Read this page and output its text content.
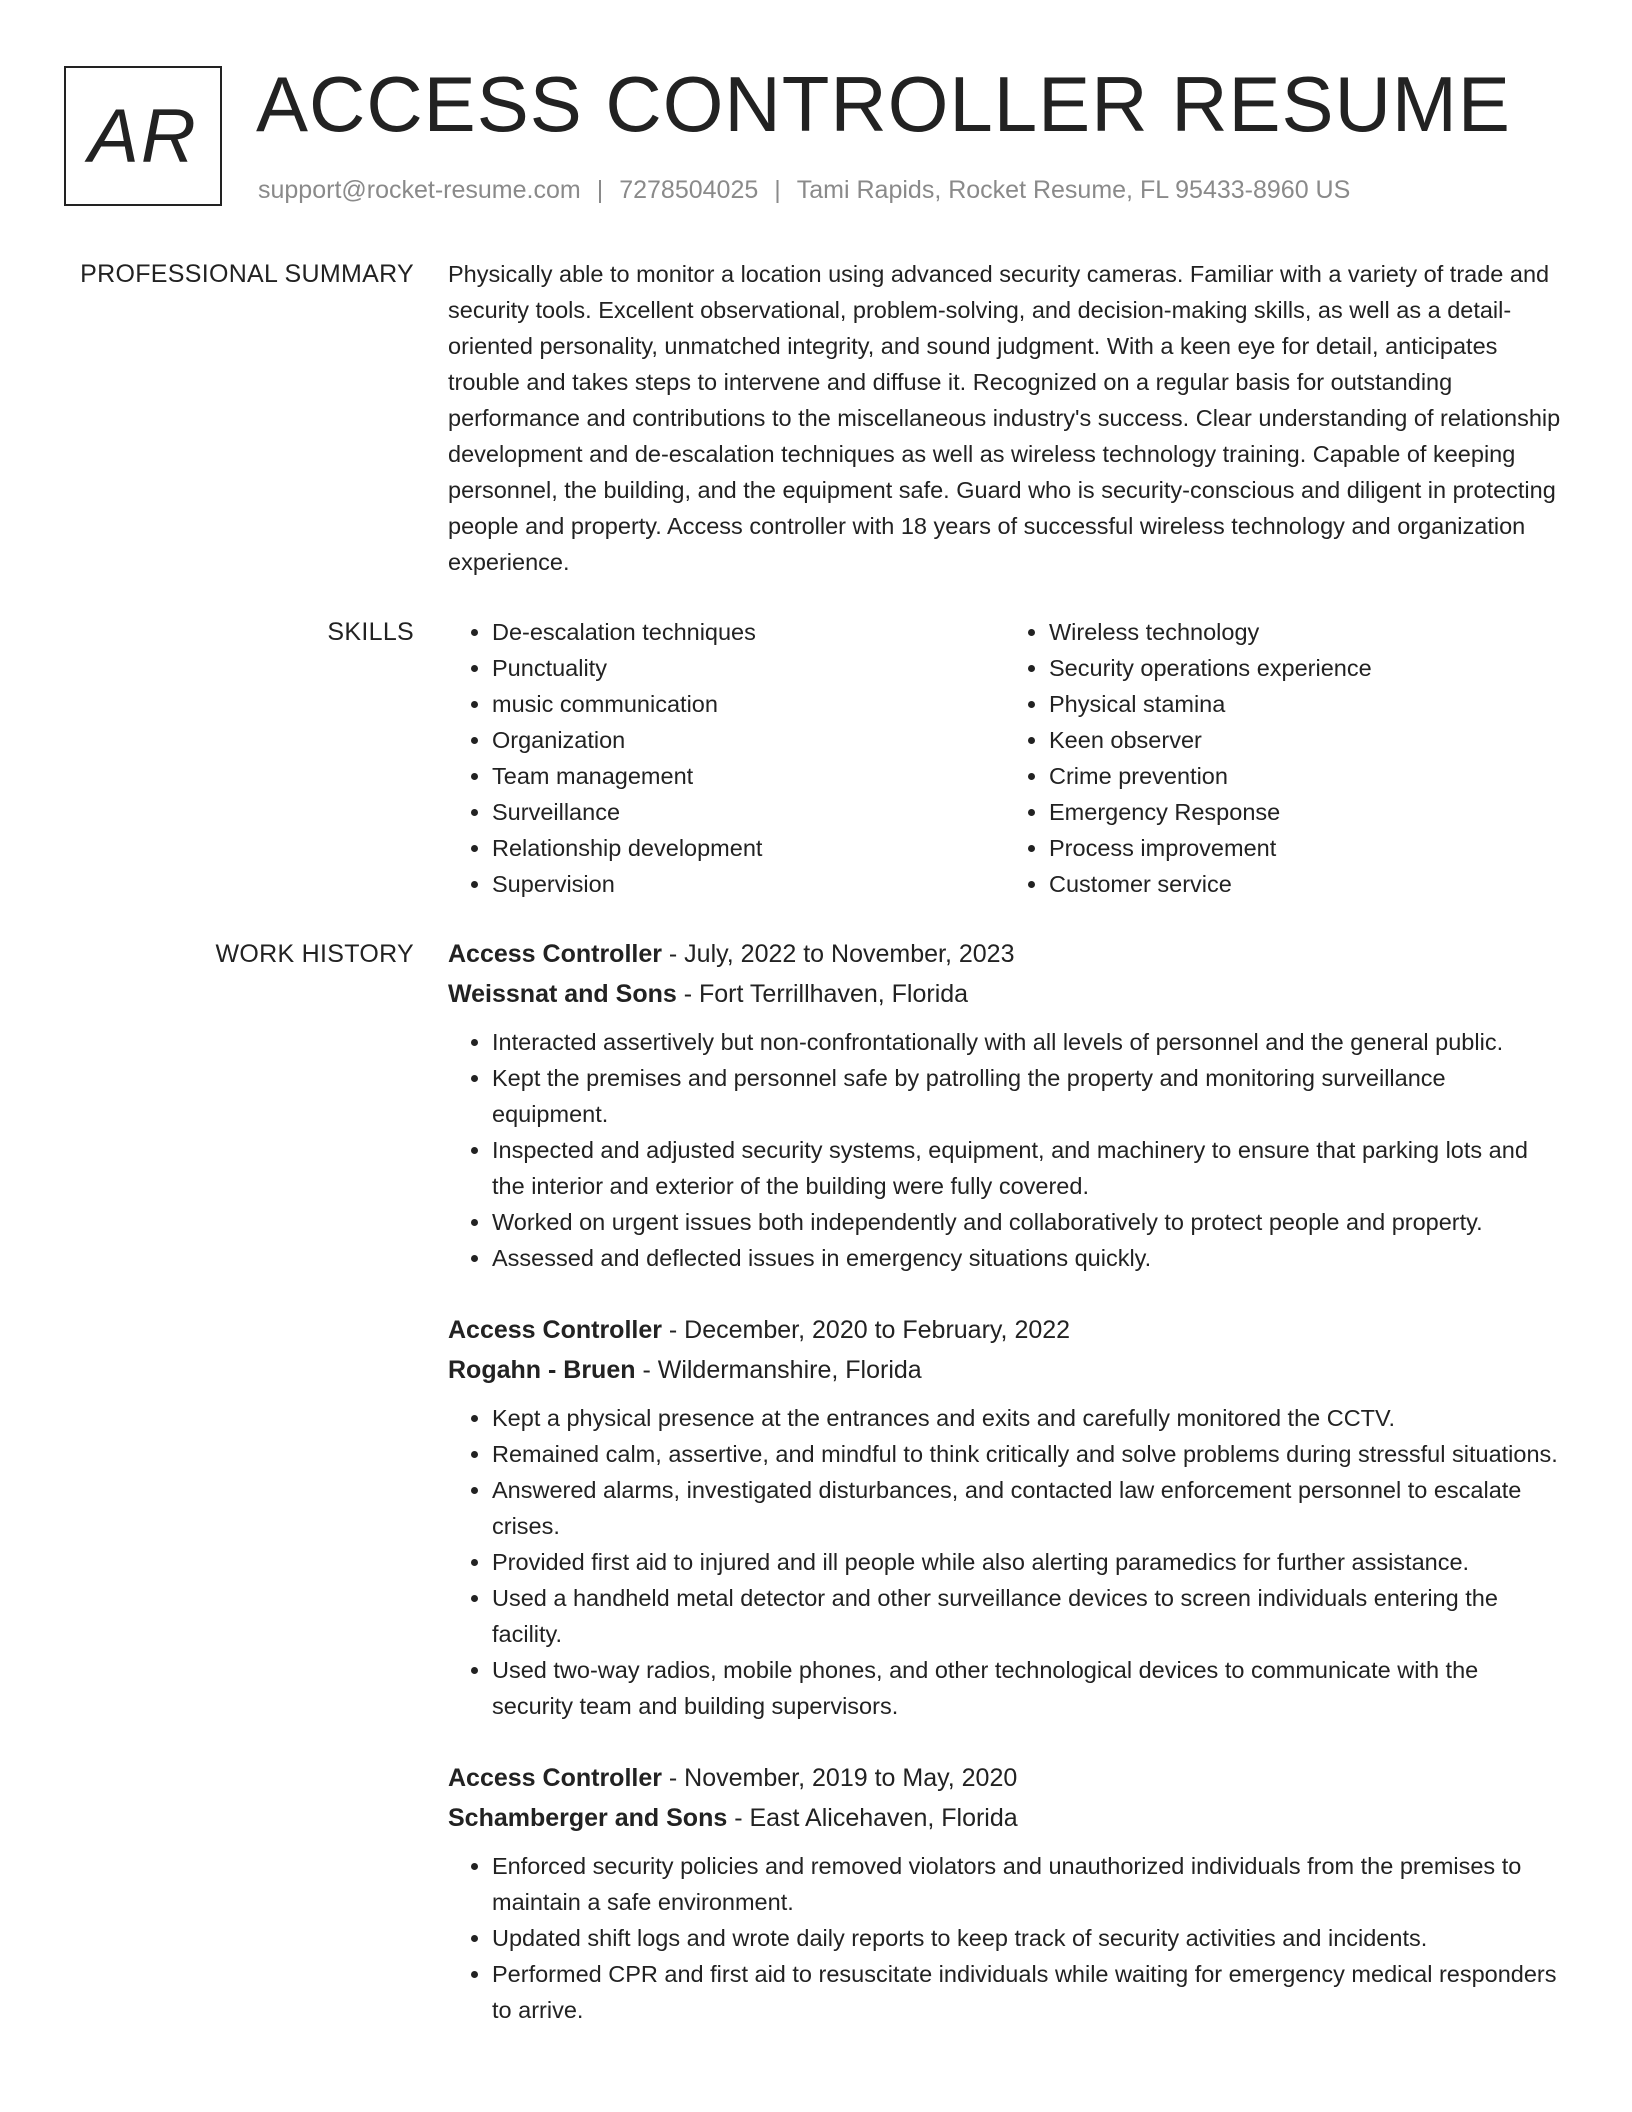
AR ACCESS CONTROLLER RESUME
support@rocket-resume.com | 7278504025 | Tami Rapids, Rocket Resume, FL 95433-8960 US
PROFESSIONAL SUMMARY Physically able to monitor a location using advanced security cameras. Familiar with a variety of trade and security tools. Excellent observational, problem-solving, and decision-making skills, as well as a detail-oriented personality, unmatched integrity, and sound judgment. With a keen eye for detail, anticipates trouble and takes steps to intervene and diffuse it. Recognized on a regular basis for outstanding performance and contributions to the miscellaneous industry's success. Clear understanding of relationship development and de-escalation techniques as well as wireless technology training. Capable of keeping personnel, the building, and the equipment safe. Guard who is security-conscious and diligent in protecting people and property. Access controller with 18 years of successful wireless technology and organization experience.

SKILLS
•	De-escalation techniques
• Punctuality
• music communication
• Organization
• Team management
• Surveillance
• Relationship development
• Supervision
• Wireless technology
• Security operations experience
• Physical stamina
• Keen observer
• Crime prevention
• Emergency Response
• Process improvement
• Customer service
WORK HISTORY Access Controller - July, 2022 to November, 2023
Weissnat and Sons - Fort Terrillhaven, Florida
• Interacted assertively but non-confrontationally with all levels of personnel and the general public.
• Kept the premises and personnel safe by patrolling the property and monitoring surveillance equipment.
• Inspected and adjusted security systems, equipment, and machinery to ensure that parking lots and the interior and exterior of the building were fully covered.
• Worked on urgent issues both independently and collaboratively to protect people and property.
• Assessed and deflected issues in emergency situations quickly.
Access Controller - December, 2020 to February, 2022
Rogahn - Bruen - Wildermanshire, Florida
• Kept a physical presence at the entrances and exits and carefully monitored the CCTV.
• Remained calm, assertive, and mindful to think critically and solve problems during stressful situations.
• Answered alarms, investigated disturbances, and contacted law enforcement personnel to escalate crises.
• Provided first aid to injured and ill people while also alerting paramedics for further assistance.
• Used a handheld metal detector and other surveillance devices to screen individuals entering the facility.
• Used two-way radios, mobile phones, and other technological devices to communicate with the security team and building supervisors.
Access Controller - November, 2019 to May, 2020
Schamberger and Sons - East Alicehaven, Florida
• Enforced security policies and removed violators and unauthorized individuals from the premises to maintain a safe environment.
• Updated shift logs and wrote daily reports to keep track of security activities and incidents.
• Performed CPR and first aid to resuscitate individuals while waiting for emergency medical responders to arrive.
